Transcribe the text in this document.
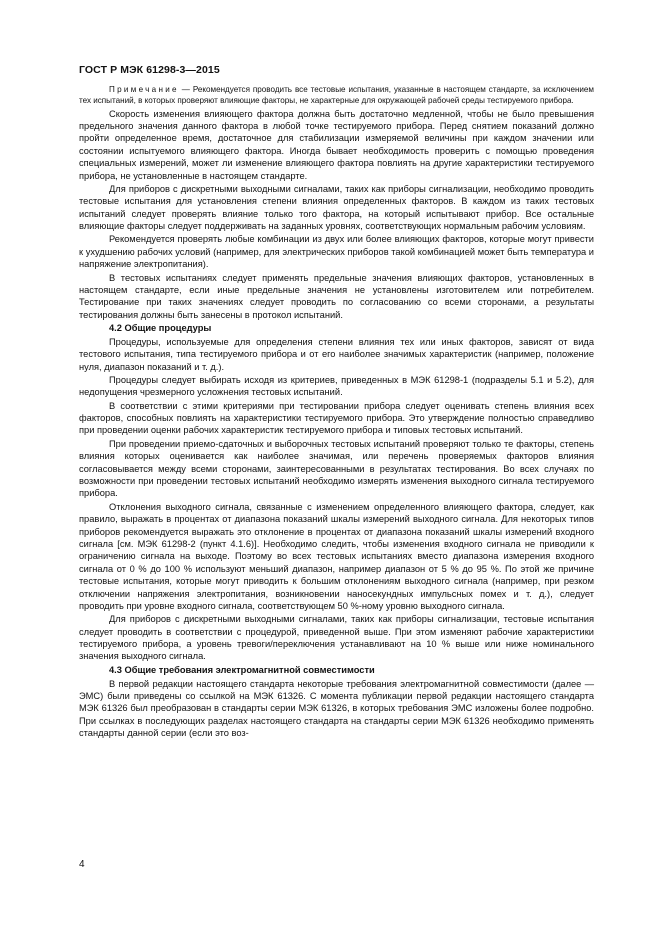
ГОСТ Р МЭК 61298-3—2015

Примечание — Рекомендуется проводить все тестовые испытания, указанные в настоящем стандарте, за исключением тех испытаний, в которых проверяют влияющие факторы, не характерные для окружающей рабочей среды тестируемого прибора.

Скорость изменения влияющего фактора должна быть достаточно медленной, чтобы не было превышения предельного значения данного фактора в любой точке тестируемого прибора. Перед снятием показаний должно пройти определенное время, достаточное для стабилизации измеряемой величины при каждом значении или состоянии испытуемого влияющего фактора. Иногда бывает необходимость проверить с помощью проведения специальных измерений, может ли изменение влияющего фактора повлиять на другие характеристики тестируемого прибора, не установленные в настоящем стандарте.

Для приборов с дискретными выходными сигналами, таких как приборы сигнализации, необходимо проводить тестовые испытания для установления степени влияния определенных факторов. В каждом из таких тестовых испытаний следует проверять влияние только того фактора, на который испытывают прибор. Все остальные влияющие факторы следует поддерживать на заданных уровнях, соответствующих нормальным рабочим условиям.

Рекомендуется проверять любые комбинации из двух или более влияющих факторов, которые могут привести к ухудшению рабочих условий (например, для электрических приборов такой комбинацией может быть температура и напряжение электропитания).

В тестовых испытаниях следует применять предельные значения влияющих факторов, установленных в настоящем стандарте, если иные предельные значения не установлены изготовителем или потребителем. Тестирование при таких значениях следует проводить по согласованию со всеми сторонами, а результаты тестирования должны быть занесены в протокол испытаний.

4.2 Общие процедуры

Процедуры, используемые для определения степени влияния тех или иных факторов, зависят от вида тестового испытания, типа тестируемого прибора и от его наиболее значимых характеристик (например, положение нуля, диапазон показаний и т. д.).

Процедуры следует выбирать исходя из критериев, приведенных в МЭК 61298-1 (подразделы 5.1 и 5.2), для недопущения чрезмерного усложнения тестовых испытаний.

В соответствии с этими критериями при тестировании прибора следует оценивать степень влияния всех факторов, способных повлиять на характеристики тестируемого прибора. Это утверждение полностью справедливо при проведении оценки рабочих характеристик тестируемого прибора и типовых тестовых испытаний.

При проведении приемо-сдаточных и выборочных тестовых испытаний проверяют только те факторы, степень влияния которых оценивается как наиболее значимая, или перечень проверяемых факторов влияния согласовывается между всеми сторонами, заинтересованными в результатах тестирования. Во всех случаях по возможности при проведении тестовых испытаний необходимо измерять изменения выходного сигнала тестируемого прибора.

Отклонения выходного сигнала, связанные с изменением определенного влияющего фактора, следует, как правило, выражать в процентах от диапазона показаний шкалы измерений выходного сигнала. Для некоторых типов приборов рекомендуется выражать это отклонение в процентах от диапазона показаний шкалы измерений входного сигнала [см. МЭК 61298-2 (пункт 4.1.6)]. Необходимо следить, чтобы изменения входного сигнала не приводили к ограничению сигнала на выходе. Поэтому во всех тестовых испытаниях вместо диапазона измерения входного сигнала от 0 % до 100 % используют меньший диапазон, например диапазон от 5 % до 95 %. По этой же причине тестовые испытания, которые могут приводить к большим отклонениям выходного сигнала (например, при резком отключении напряжения электропитания, возникновении наносекундных импульсных помех и т. д.), следует проводить при уровне входного сигнала, соответствующем 50 %-ному уровню выходного сигнала.

Для приборов с дискретными выходными сигналами, таких как приборы сигнализации, тестовые испытания следует проводить в соответствии с процедурой, приведенной выше. При этом изменяют рабочие характеристики тестируемого прибора, а уровень тревоги/переключения устанавливают на 10 % выше или ниже номинального значения выходного сигнала.

4.3 Общие требования электромагнитной совместимости

В первой редакции настоящего стандарта некоторые требования электромагнитной совместимости (далее — ЭМС) были приведены со ссылкой на МЭК 61326. С момента публикации первой редакции настоящего стандарта МЭК 61326 был преобразован в стандарты серии МЭК 61326, в которых требования ЭМС изложены более подробно. При ссылках в последующих разделах настоящего стандарта на стандарты серии МЭК 61326 необходимо применять стандарты данной серии (если это воз-

4
